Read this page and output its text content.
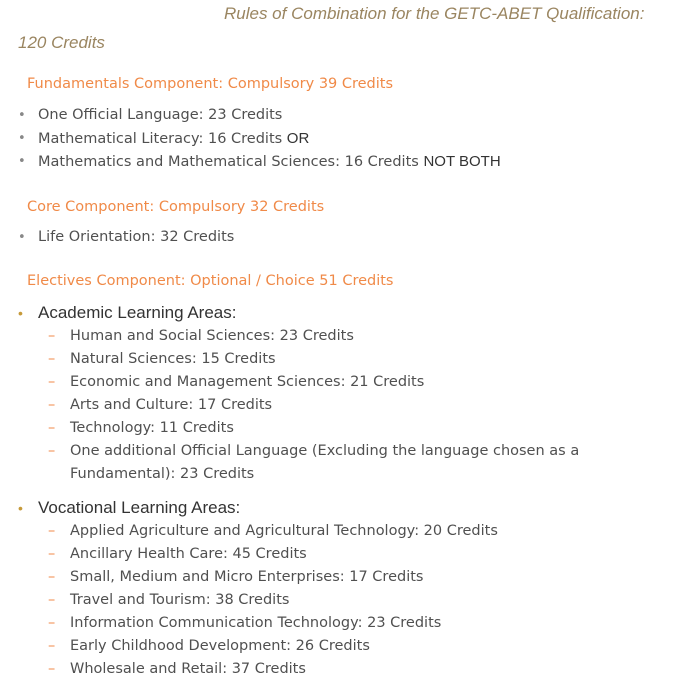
Rules of Combination for the GETC-ABET Qualification:
120 Credits
Fundamentals Component: Compulsory 39 Credits
• One Official Language: 23 Credits
• Mathematical Literacy: 16 Credits OR
• Mathematics and Mathematical Sciences: 16 Credits NOT BOTH
Core Component: Compulsory 32 Credits
• Life Orientation: 32 Credits
Electives Component: Optional / Choice 51 Credits
• Academic Learning Areas:
– Human and Social Sciences: 23 Credits
– Natural Sciences: 15 Credits
– Economic and Management Sciences: 21 Credits
– Arts and Culture: 17 Credits
– Technology: 11 Credits
– One additional Official Language (Excluding the language chosen as a Fundamental): 23 Credits
• Vocational Learning Areas:
– Applied Agriculture and Agricultural Technology: 20 Credits
– Ancillary Health Care: 45 Credits
– Small, Medium and Micro Enterprises: 17 Credits
– Travel and Tourism: 38 Credits
– Information Communication Technology: 23 Credits
– Early Childhood Development: 26 Credits
– Wholesale and Retail: 37 Credits
